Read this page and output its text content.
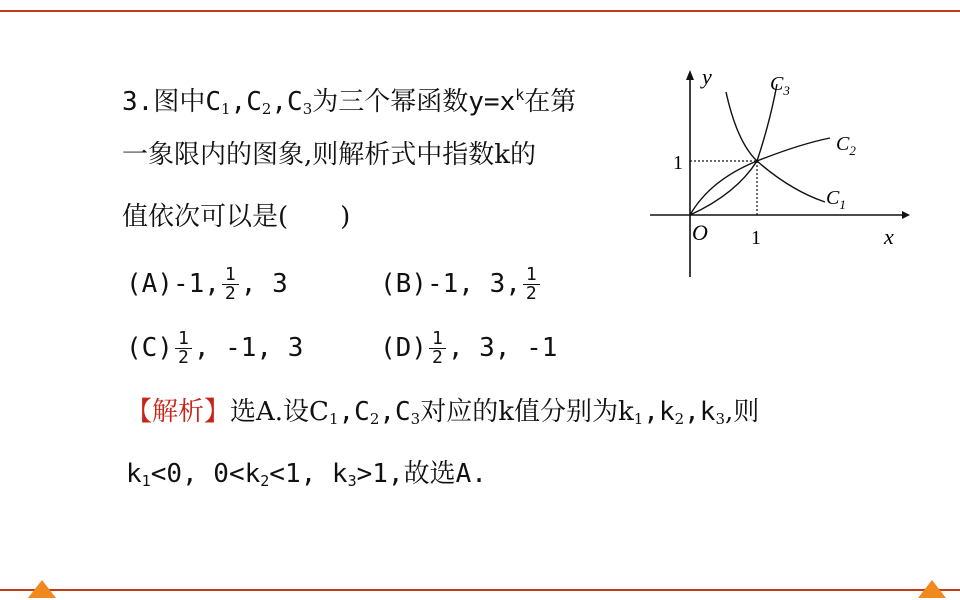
3.图中$C_1,C_2,C_3$为三个幂函数$y=x^k$在第
一象限内的图象,则解析式中指数k的
值依次可以是(　　)
(A)-1, $\frac{1}{2}$ , 3	(B)-1, 3, $\frac{1}{2}$
$(C) \frac{1}{2}$ , -1, 3	$(D) \frac{1}{2}$ , 3, -1
【解析】选A.设$C_1,C_2,C_3$对应的k值分别为$k_1,k_2,k_3$,则
$k_1<0$, $0<k_2<1$, $k_3>1$,故选A.
y
x
O 1
1
$C_3$
$C_2$
$C_1$
